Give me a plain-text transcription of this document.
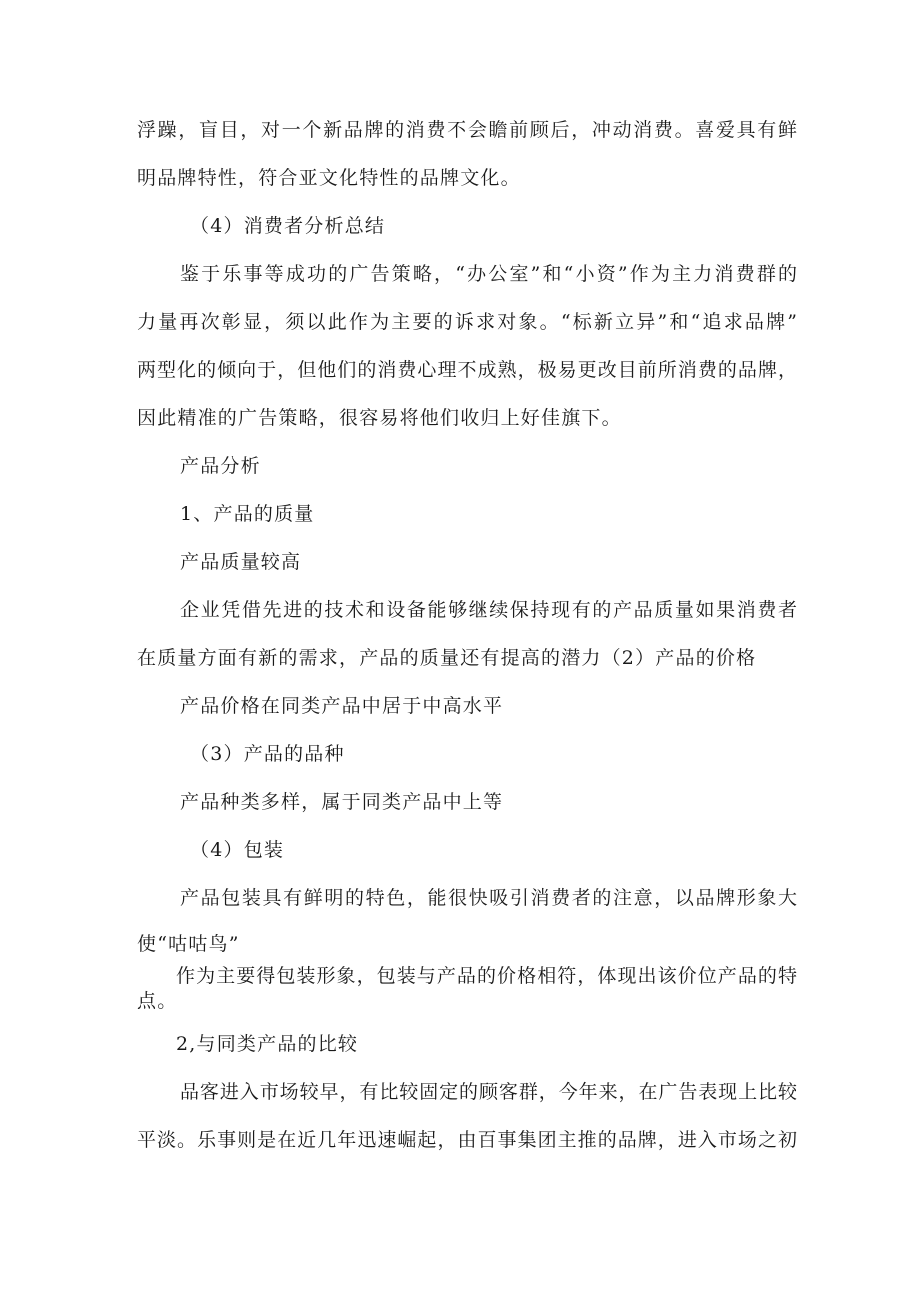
浮躁，盲目，对一个新品牌的消费不会瞻前顾后，冲动消费。喜爱具有鲜
明品牌特性，符合亚文化特性的品牌文化。
（4）消费者分析总结
鉴于乐事等成功的广告策略，“办公室”和“小资”作为主力消费群的
力量再次彰显，须以此作为主要的诉求对象。“标新立异”和“追求品牌”
两型化的倾向于，但他们的消费心理不成熟，极易更改目前所消费的品牌，
因此精准的广告策略，很容易将他们收归上好佳旗下。
产品分析
1、产品的质量
产品质量较高
企业凭借先进的技术和设备能够继续保持现有的产品质量如果消费者
在质量方面有新的需求，产品的质量还有提高的潜力（2）产品的价格
产品价格在同类产品中居于中高水平
（3）产品的品种
产品种类多样，属于同类产品中上等
（4）包装
产品包装具有鲜明的特色，能很快吸引消费者的注意，以品牌形象大
使“咕咕鸟”
作为主要得包装形象，包装与产品的价格相符，体现出该价位产品的特
点。
2,与同类产品的比较
品客进入市场较早，有比较固定的顾客群，今年来，在广告表现上比较
平淡。乐事则是在近几年迅速崛起，由百事集团主推的品牌，进入市场之初
